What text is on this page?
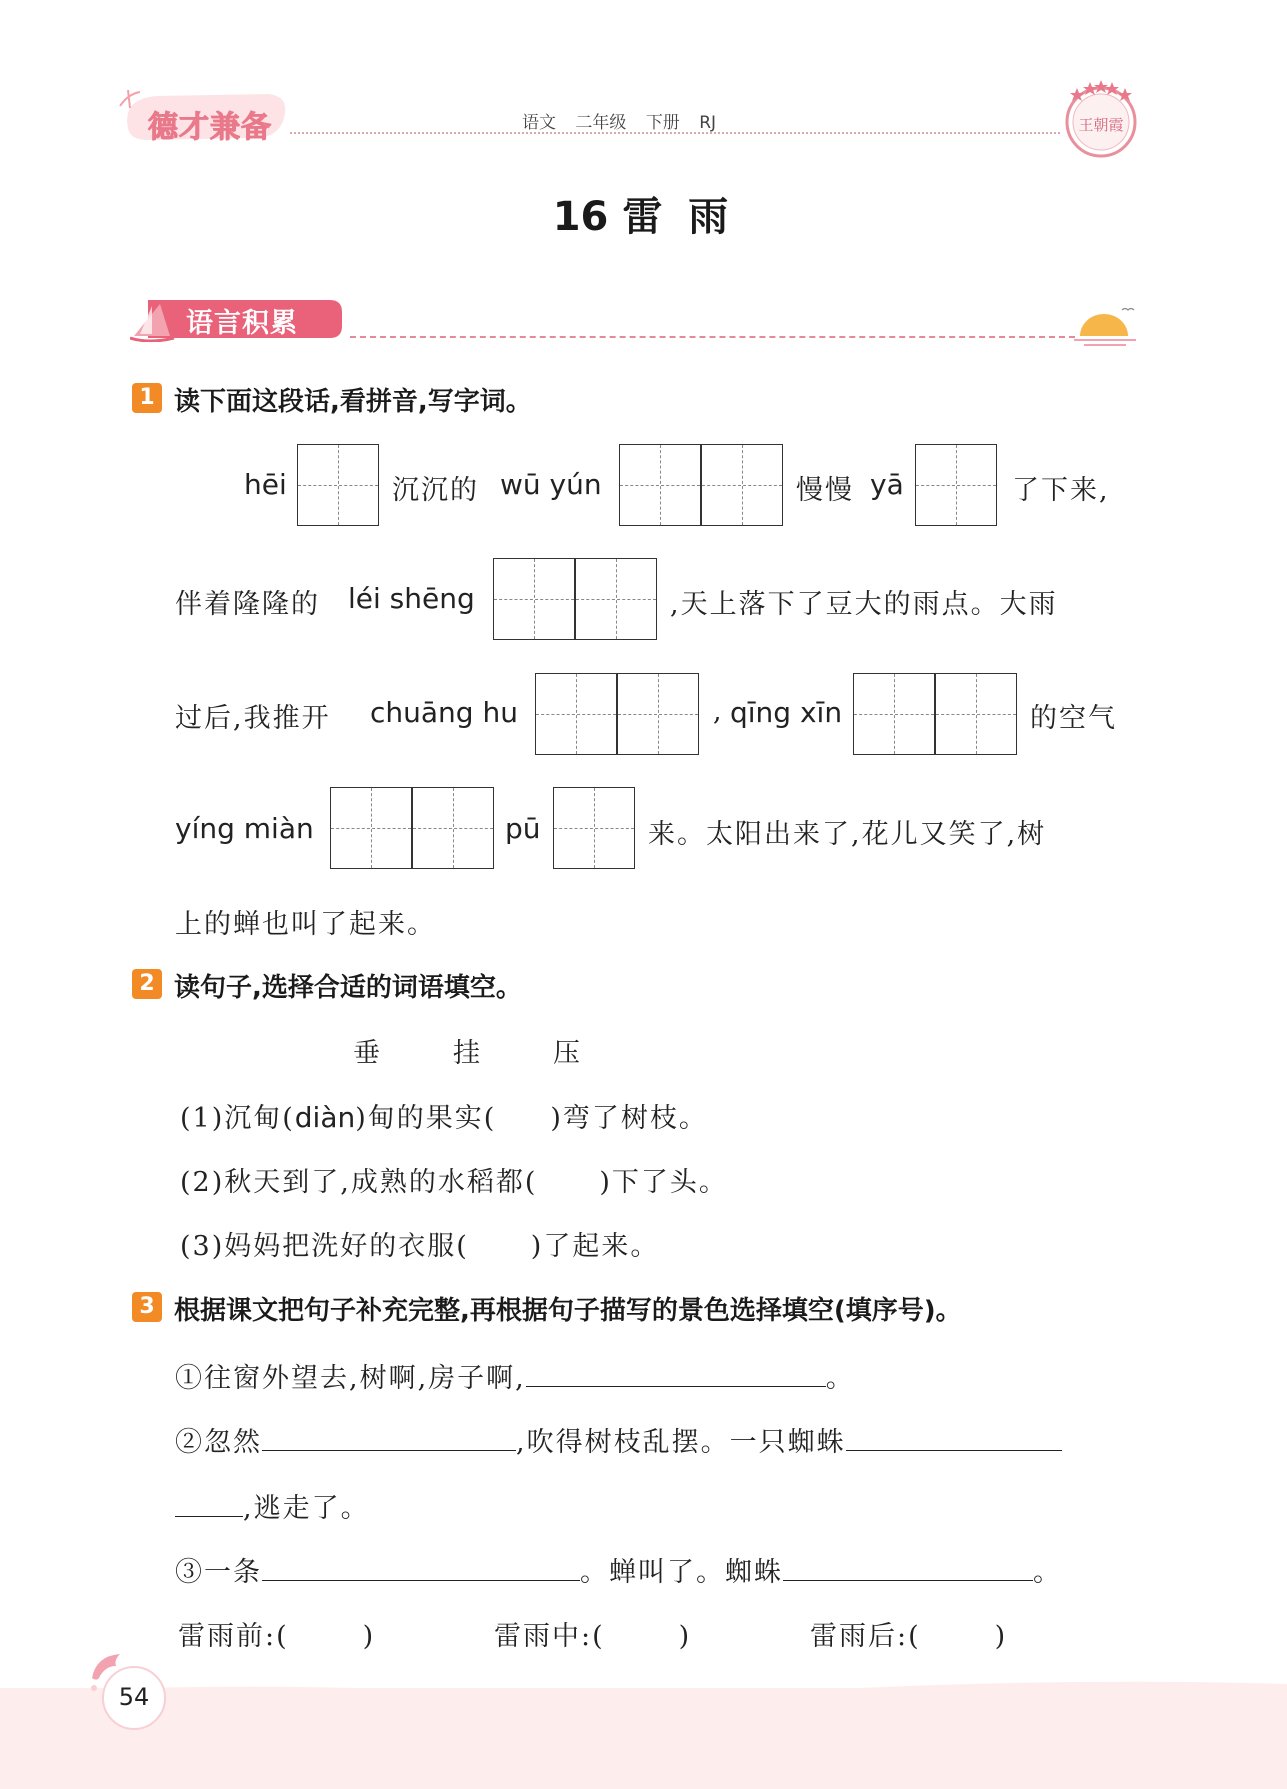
德才兼备	语文 二年级 下册 RJ	王朝霞
16 雷 雨
语言积累
1 读下面这段话,看拼音,写字词。
hēi	沉沉的 wū yún	慢慢 yā	了下来,
伴着隆隆的 léi shēng	,天上落下了豆大的雨点。大雨
过后,我推开 chuāng hu	, qīng xīn	的空气
yíng miàn	pū	来。太阳出来了,花儿又笑了,树
上的蝉也叫了起来。
2 读句子,选择合适的词语填空。
垂	挂	压
(1)沉甸(diàn)甸的果实( )弯了树枝。
(2)秋天到了,成熟的水稻都( )下了头。
(3)妈妈把洗好的衣服( )了起来。
3 根据课文把句子补充完整,再根据句子描写的景色选择填空(填序号)。
①往窗外望去,树啊,房子啊,	。
②忽然	,吹得树枝乱摆。一只蜘蛛
,逃走了。
③一条	。蝉叫了。蜘蛛	。
雷雨前:(	)	雷雨中:(	)	雷雨后:(	)
54
